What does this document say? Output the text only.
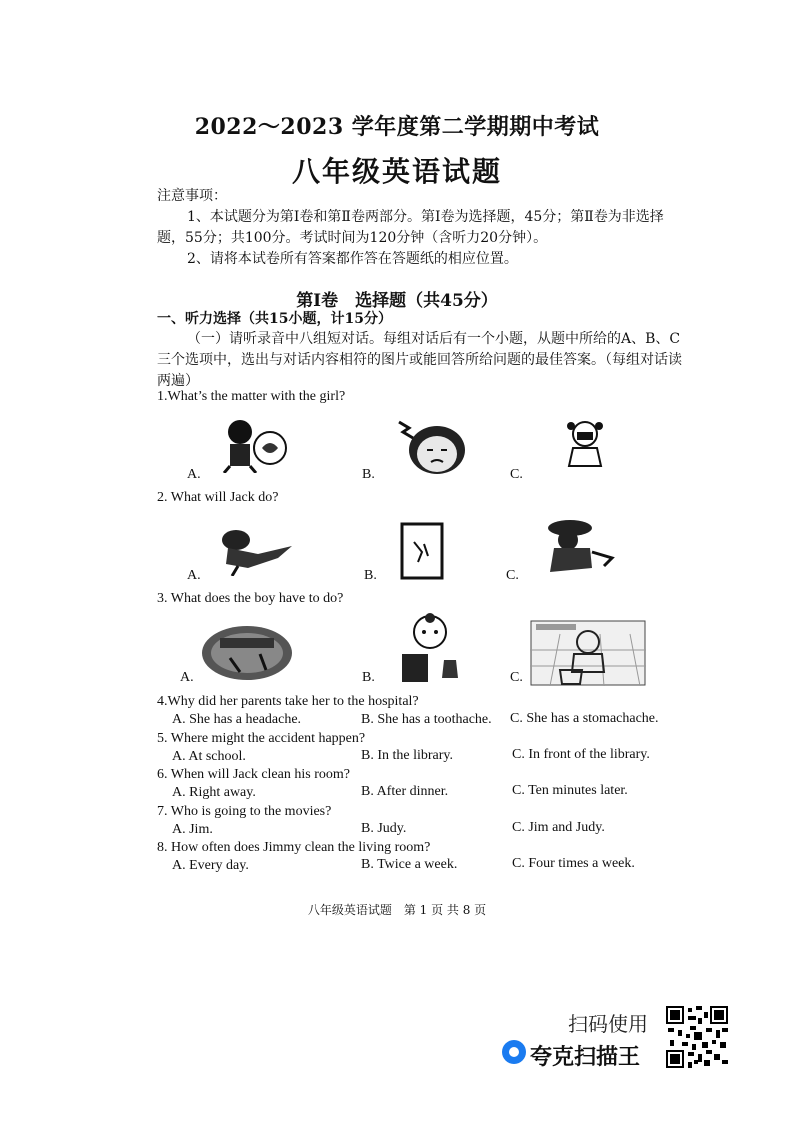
2022～2023 学年度第二学期期中考试
八年级英语试题

注意事项：

1、本试题分为第Ⅰ卷和第Ⅱ卷两部分。第Ⅰ卷为选择题，45分；第Ⅱ卷为非选择题，55分；共100分。考试时间为120分钟（含听力20分钟）。

2、请将本试卷所有答案都作答在答题纸的相应位置。

第Ⅰ卷　选择题（共45分）
一、听力选择（共15小题，计15分）
（一）请听录音中八组短对话。每组对话后有一个小题，从题中所给的A、B、C三个选项中，选出与对话内容相符的图片或能回答所给问题的最佳答案。（每组对话读两遍）
1.What’s the matter with the girl?
A.	B.	C.
2. What will Jack do?
A.	B.	C.
3. What does the boy have to do?
A.	B.	C.
4.Why did her parents take her to the hospital?
A. She has a headache.	B. She has a toothache. C. She has a stomachache.
5. Where might the accident happen?
A. At school.	B. In the library.	C. In front of the library.
6. When will Jack clean his room?
A. Right away.	B. After dinner.	C. Ten minutes later.
7. Who is going to the movies?
A. Jim.	B. Judy.	C. Jim and Judy.
8. How often does Jimmy clean the living room?
A. Every day.	B. Twice a week.	C. Four times a week.
八年级英语试题　第 1 页 共 8 页
扫码使用
夸克扫描王
